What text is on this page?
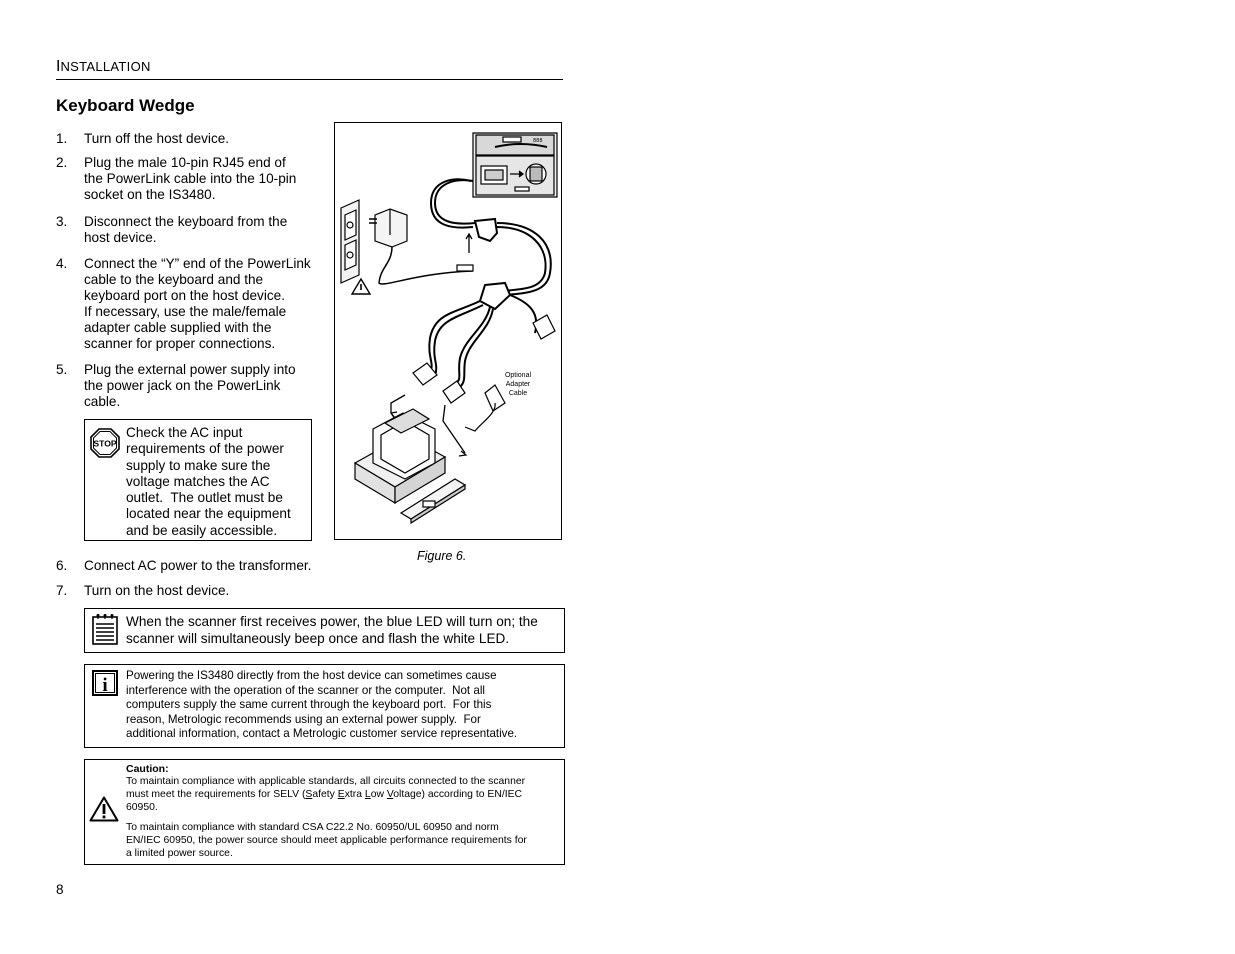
INSTALLATION
Keyboard Wedge
1.	Turn off the host device.
2.	Plug the male 10-pin RJ45 end of
the PowerLink cable into the 10-pin
socket on the IS3480.
3.	Disconnect the keyboard from the
host device.
4.	Connect the “Y” end of the PowerLink
cable to the keyboard and the
keyboard port on the host device.
If necessary, use the male/female
adapter cable supplied with the
scanner for proper connections.
5.	Plug the external power supply into
the power jack on the PowerLink
cable.
STOP
Check the AC input
requirements of the power
supply to make sure the
voltage matches the AC
outlet.  The outlet must be
located near the equipment
and be easily accessible.
6.	Connect AC power to the transformer.
7.	Turn on the host device.
When the scanner first receives power, the blue LED will turn on; the
scanner will simultaneously beep once and flash the white LED.
i Powering the IS3480 directly from the host device can sometimes cause
interference with the operation of the scanner or the computer.  Not all
computers supply the same current through the keyboard port.  For this
reason, Metrologic recommends using an external power supply.  For
additional information, contact a Metrologic customer service representative.
Caution:
To maintain compliance with applicable standards, all circuits connected to the scanner
must meet the requirements for SELV (Safety Extra Low Voltage) according to EN/IEC
60950.
To maintain compliance with standard CSA C22.2 No. 60950/UL 60950 and norm
EN/IEC 60950, the power source should meet applicable performance requirements for
a limited power source.
888
Optional
Adapter
Cable
Figure 6.
8
